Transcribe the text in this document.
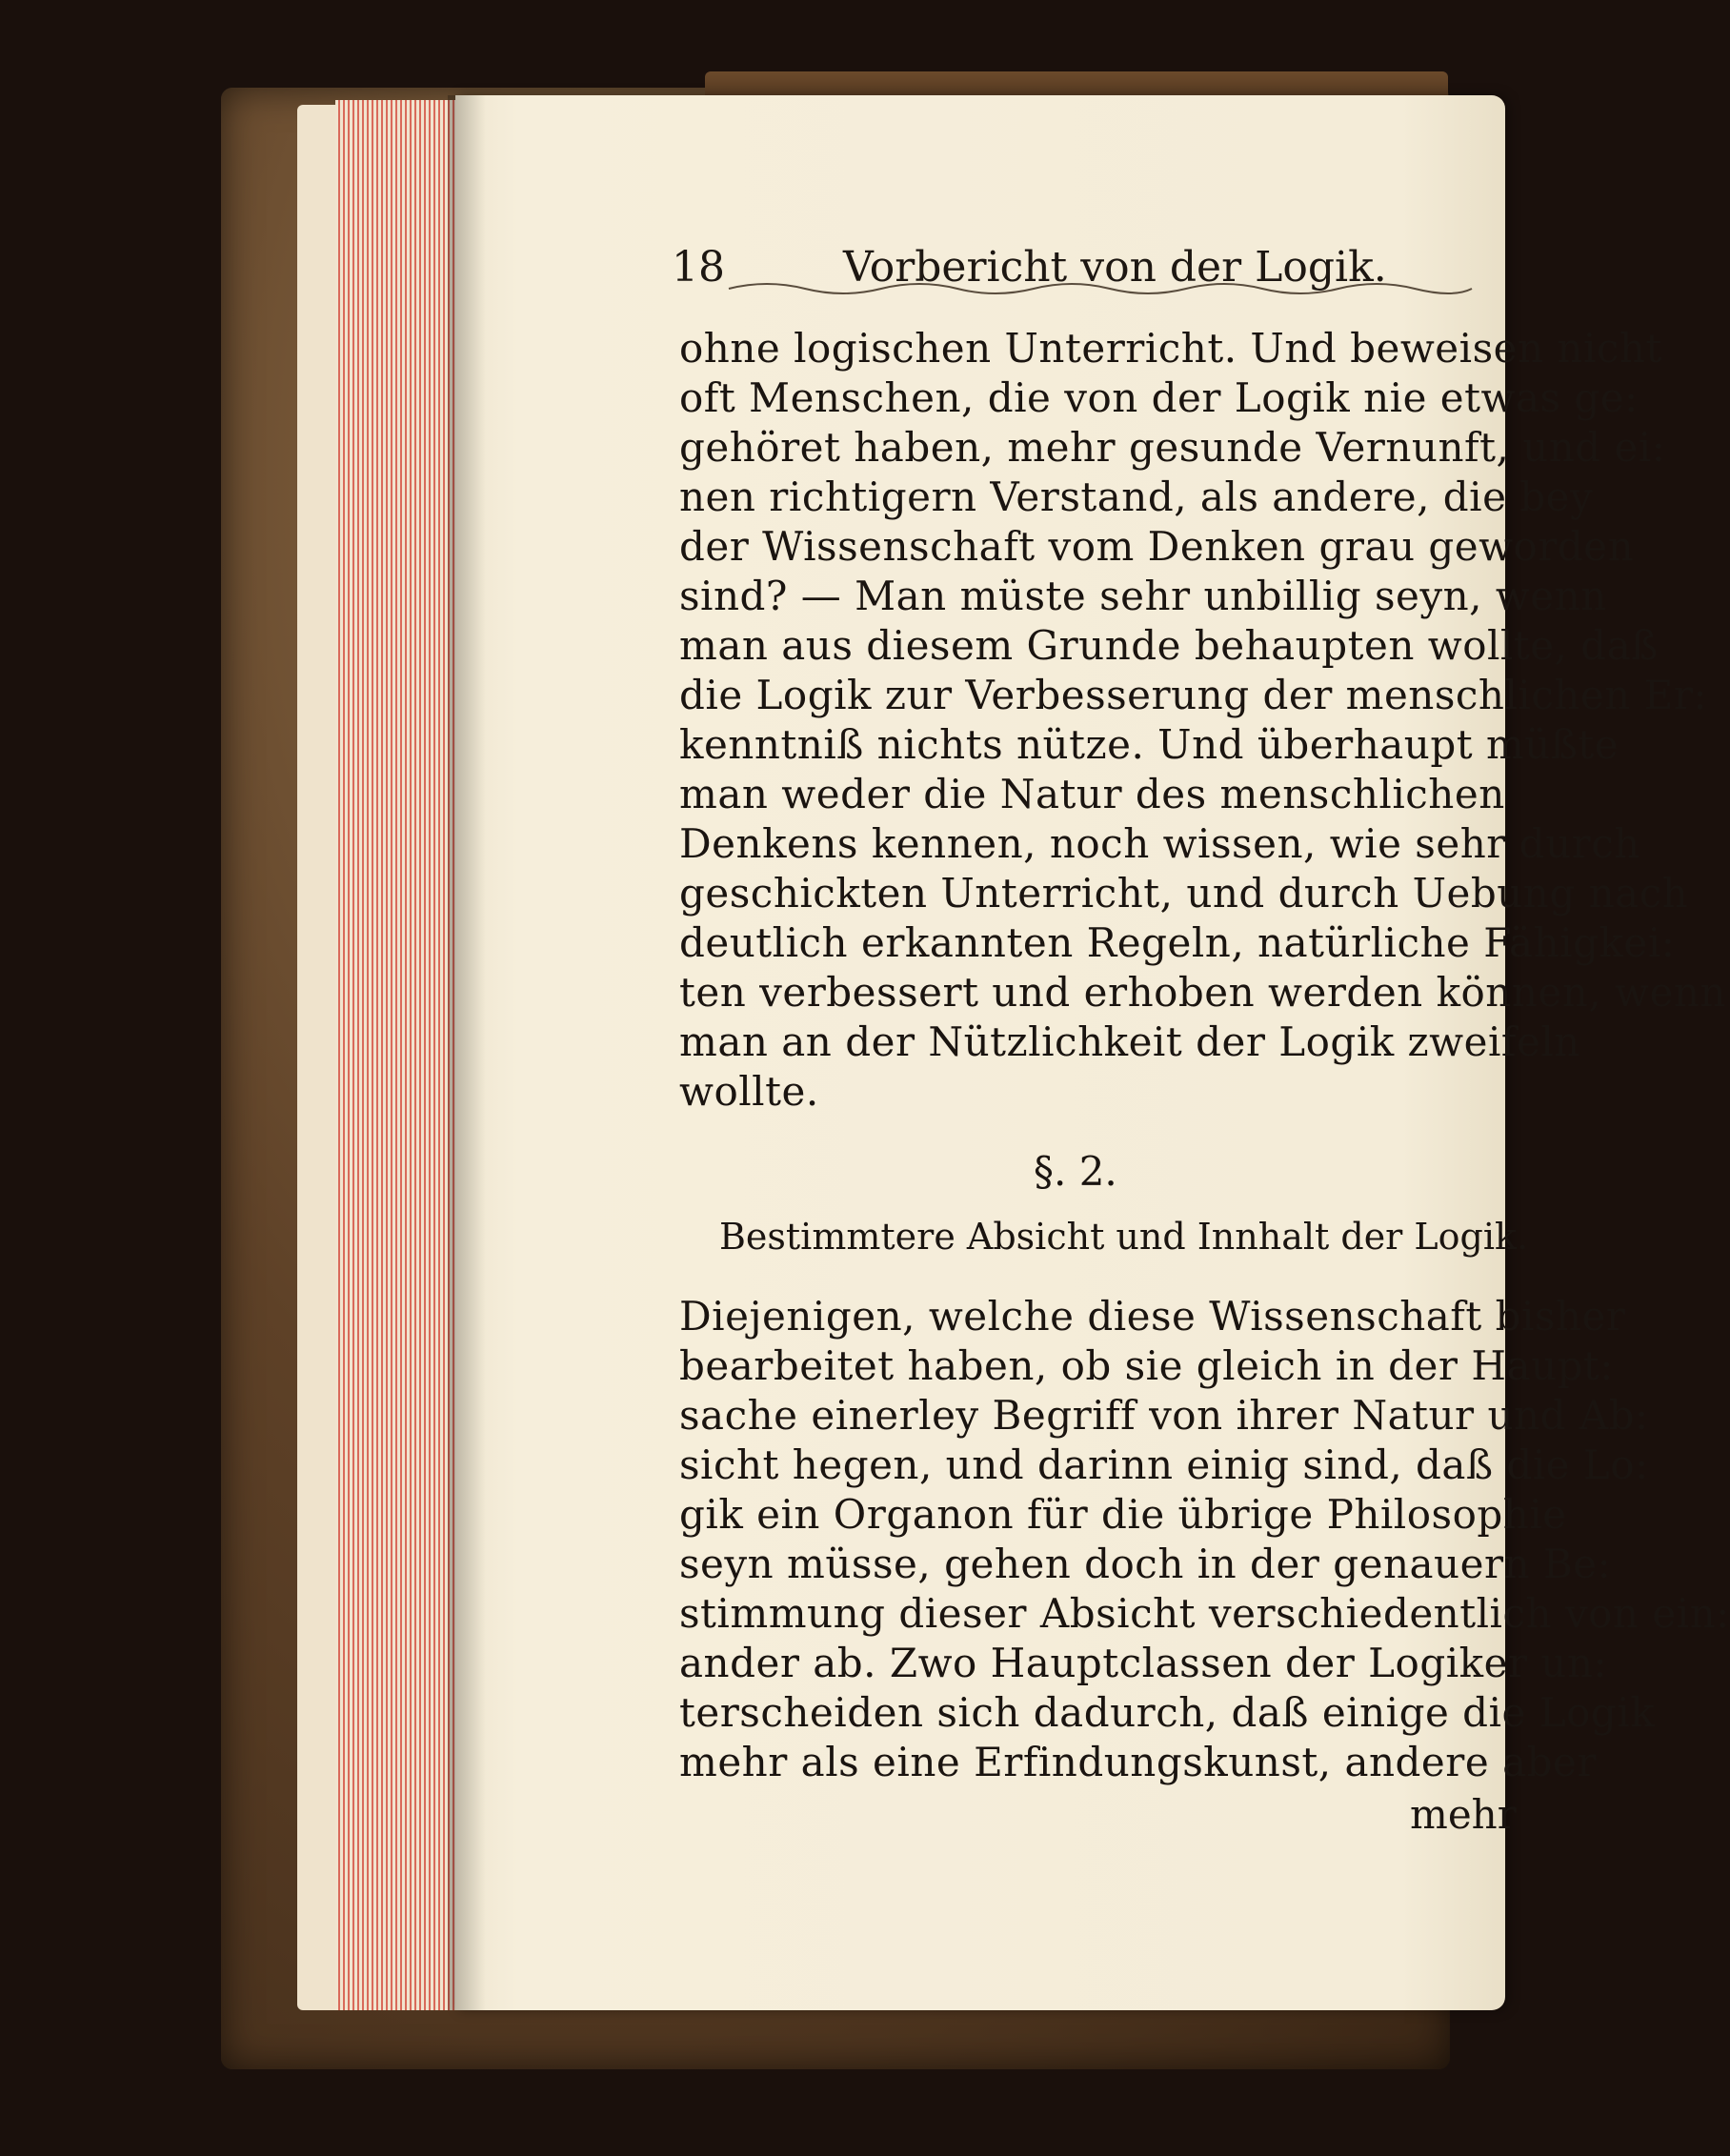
18	Vorbericht von der Logik.
ohne logischen Unterricht. Und beweisen nicht
oft Menschen, die von der Logik nie etwas ge:
gehöret haben, mehr gesunde Vernunft, und ei:
nen richtigern Verstand, als andere, die bey
der Wissenschaft vom Denken grau geworden
sind? — Man müste sehr unbillig seyn, wenn
man aus diesem Grunde behaupten wollte, daß
die Logik zur Verbesserung der menschlichen Er:
kenntniß nichts nütze. Und überhaupt müßte
man weder die Natur des menschlichen
Denkens kennen, noch wissen, wie sehr durch
geschickten Unterricht, und durch Uebung nach
deutlich erkannten Regeln, natürliche Fähigkei:
ten verbessert und erhoben werden können, wenn
man an der Nützlichkeit der Logik zweifeln
wollte.
§. 2.
Bestimmtere Absicht und Innhalt der Logik.
Diejenigen, welche diese Wissenschaft bisher
bearbeitet haben, ob sie gleich in der Haupt:
sache einerley Begriff von ihrer Natur und Ab:
sicht hegen, und darinn einig sind, daß die Lo:
gik ein Organon für die übrige Philosophie
seyn müsse, gehen doch in der genauern Be:
stimmung dieser Absicht verschiedentlich von ein:
ander ab. Zwo Hauptclassen der Logiker un:
terscheiden sich dadurch, daß einige die Logik
mehr als eine Erfindungskunst, andere aber
mehr
